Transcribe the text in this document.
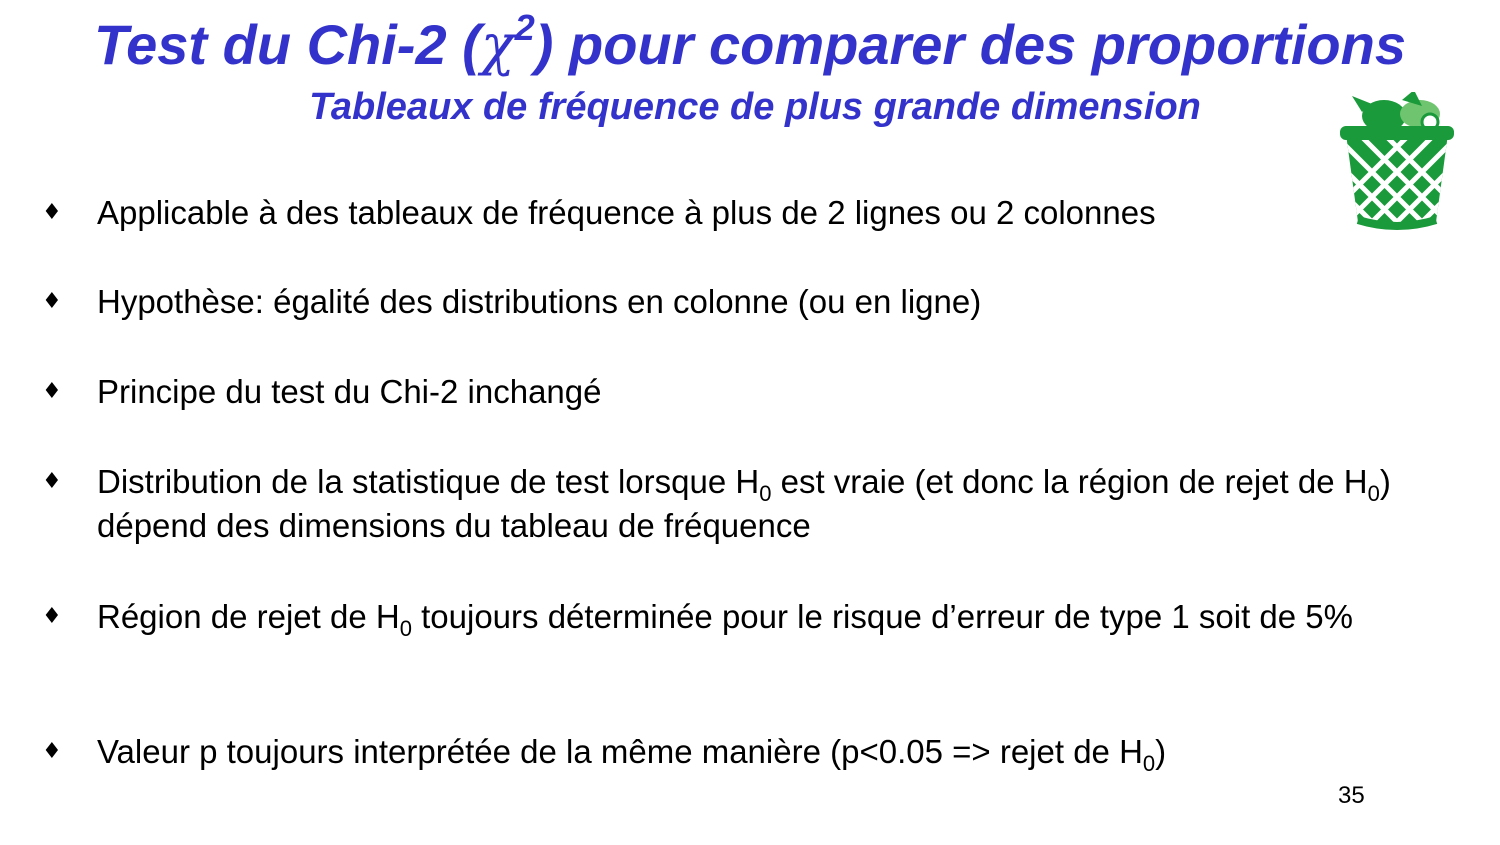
Test du Chi-2 $(\chi^2)$ pour comparer des proportions
Tableaux de fréquence de plus grande dimension
♦ Applicable à des tableaux de fréquence à plus de 2 lignes ou 2 colonnes
♦ Hypothèse: égalité des distributions en colonne (ou en ligne)
♦ Principe du test du Chi-2 inchangé
♦ Distribution de la statistique de test lorsque $H_0$ est vraie (et donc la région de rejet de $H_0$) dépend des dimensions du tableau de fréquence
♦ Région de rejet de $H_0$ toujours déterminée pour le risque d’erreur de type 1 soit de 5%
♦ Valeur p toujours interprétée de la même manière (p<0.05 => rejet de $H_0$)
35
